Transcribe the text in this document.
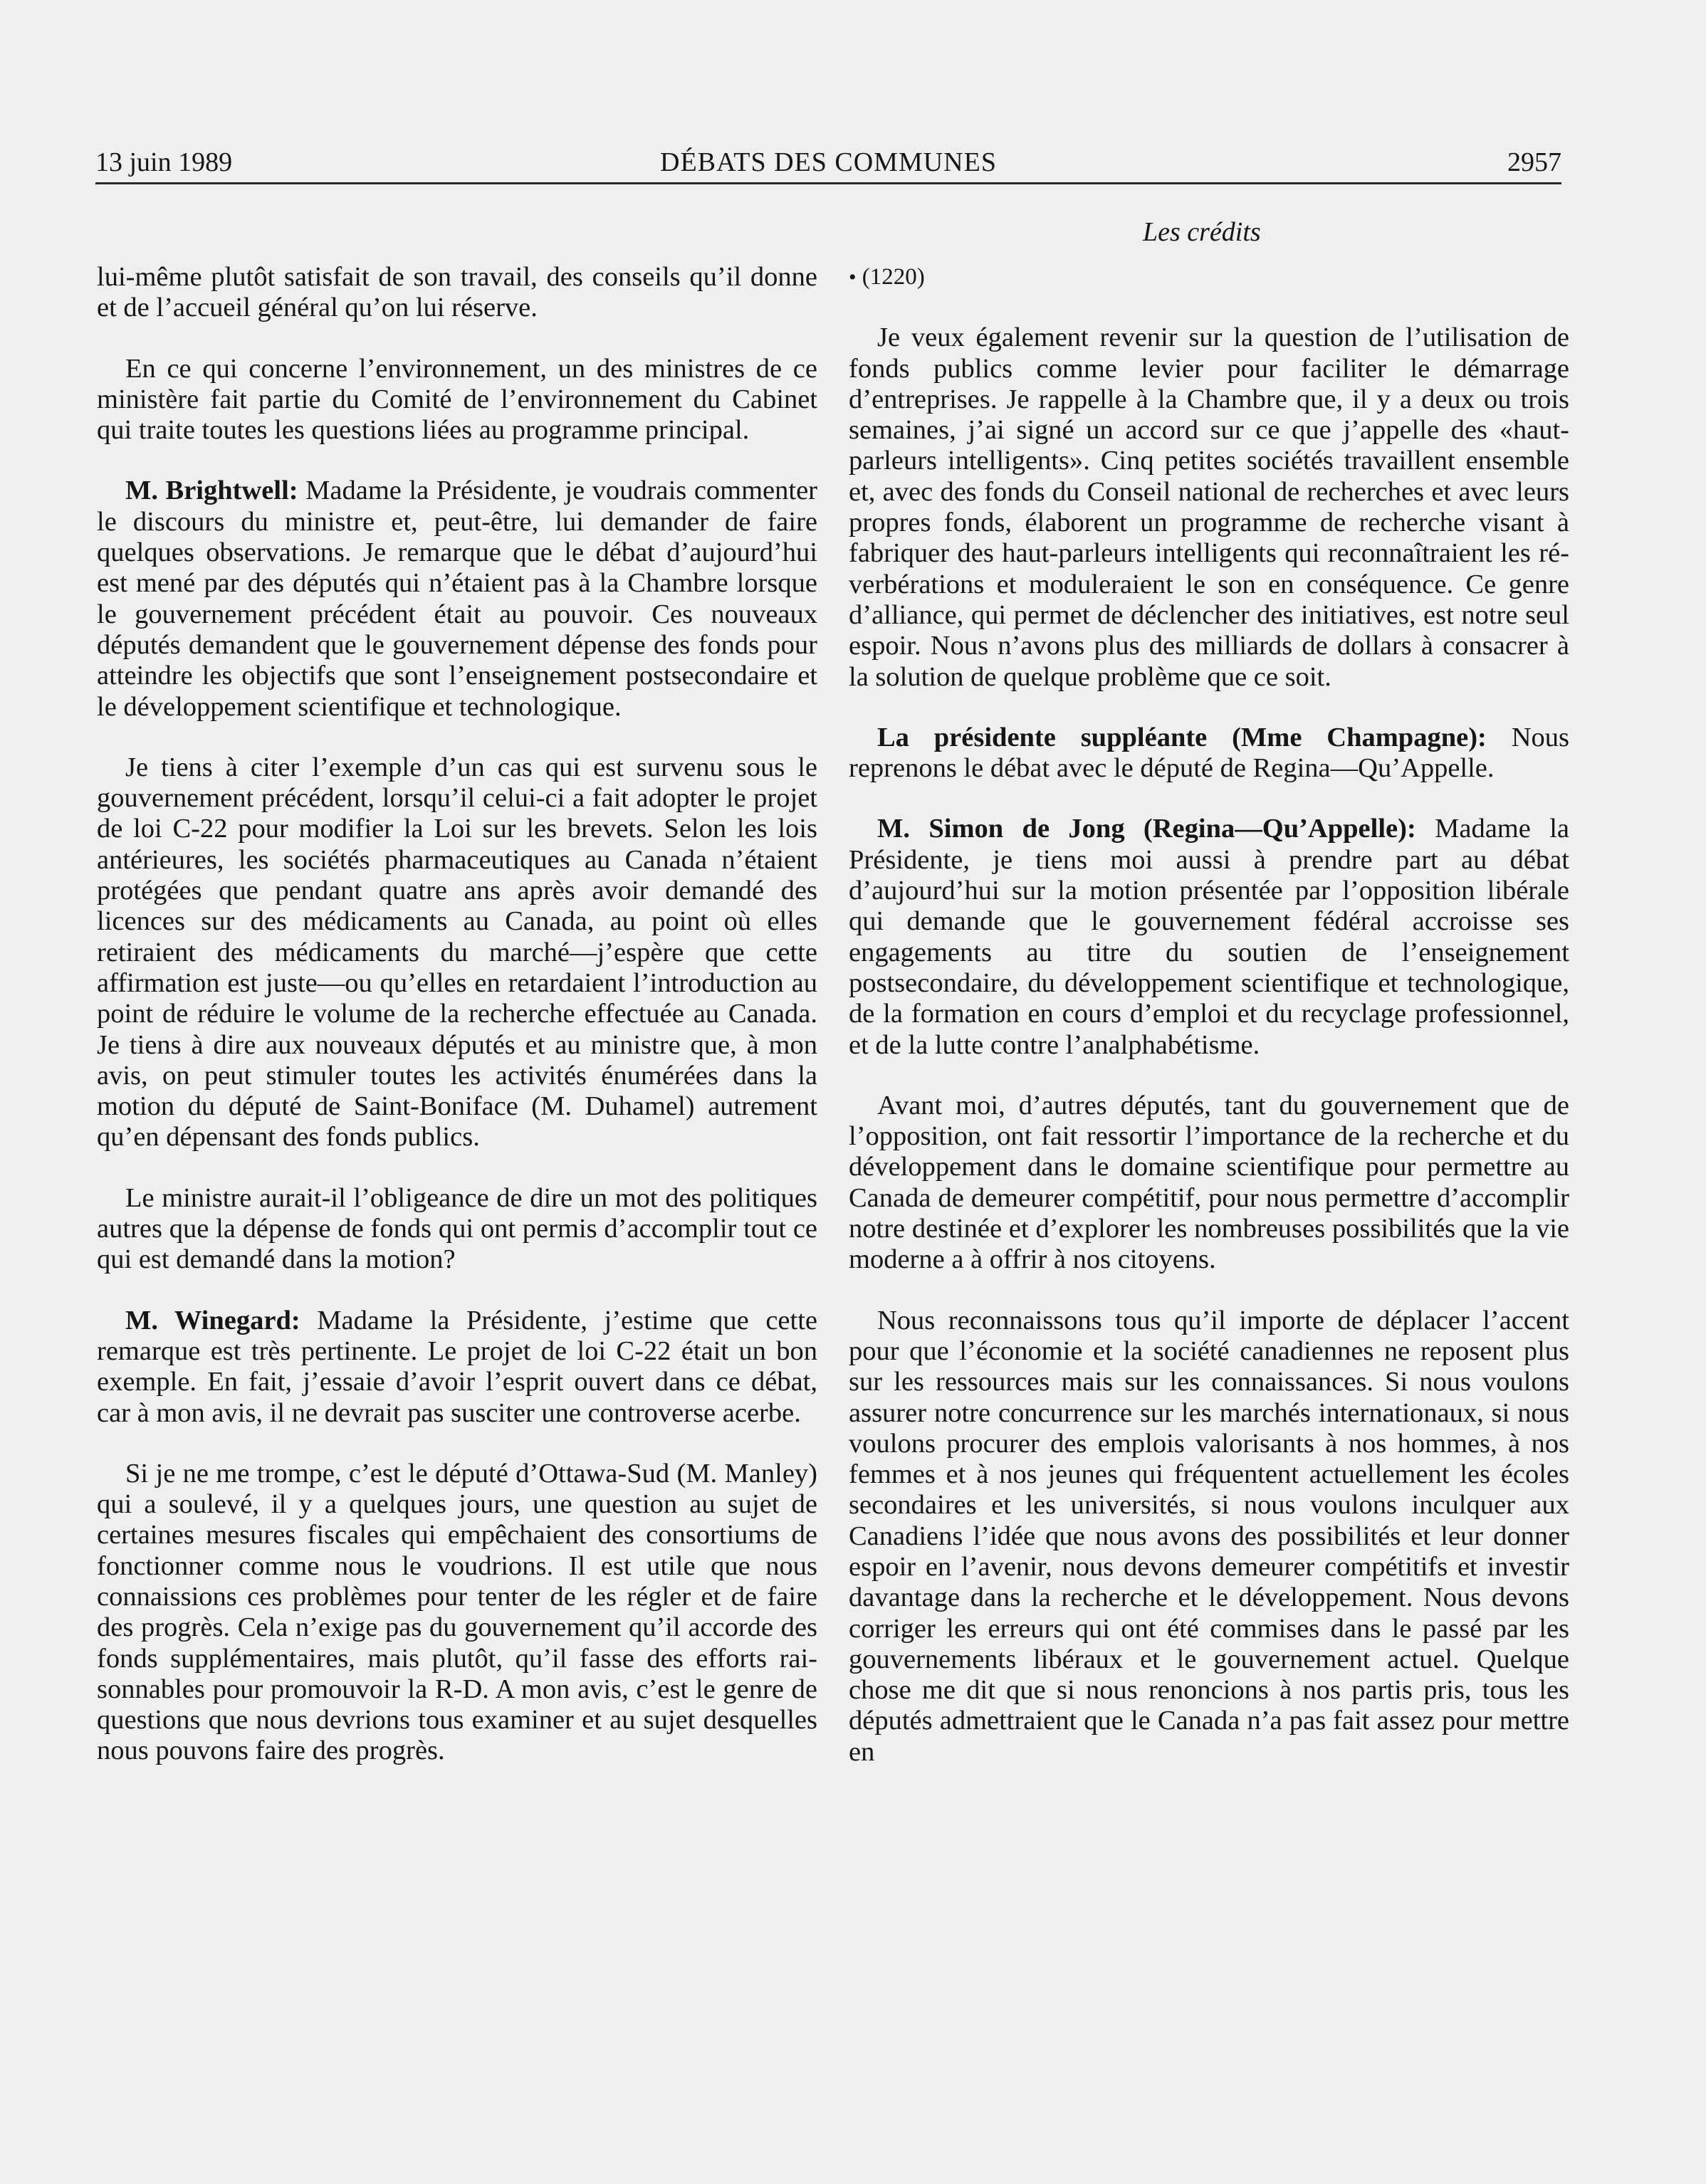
13 juin 1989	DÉBATS DES COMMUNES	2957
Les crédits

lui-même plutôt satisfait de son travail, des conseils qu’il donne et de l’accueil général qu’on lui réserve.

En ce qui concerne l’environnement, un des ministres de ce ministère fait partie du Comité de l’environnement du Cabinet qui traite toutes les questions liées au programme principal.

M. Brightwell: Madame la Présidente, je voudrais commenter le discours du ministre et, peut-être, lui demander de faire quelques observations. Je remarque que le débat d’aujourd’hui est mené par des députés qui n’étaient pas à la Chambre lorsque le gouvernement précédent était au pouvoir. Ces nouveaux députés demandent que le gouvernement dépense des fonds pour atteindre les objectifs que sont l’enseignement postsecondaire et le développement scientifique et technologique.

Je tiens à citer l’exemple d’un cas qui est survenu sous le gouvernement précédent, lorsqu’il celui-ci a fait adopter le projet de loi C-22 pour modifier la Loi sur les brevets. Selon les lois antérieures, les sociétés pharmaceutiques au Canada n’étaient protégées que pendant quatre ans après avoir demandé des licences sur des médicaments au Canada, au point où elles retiraient des médicaments du marché—j’espère que cette affirmation est juste—ou qu’elles en retardaient l’introduction au point de réduire le volume de la recherche effectuée au Canada. Je tiens à dire aux nouveaux députés et au ministre que, à mon avis, on peut stimuler toutes les activités énumérées dans la motion du député de Saint-Boniface (M. Duhamel) autrement qu’en dépensant des fonds publics.

Le ministre aurait-il l’obligeance de dire un mot des politiques autres que la dépense de fonds qui ont permis d’accomplir tout ce qui est demandé dans la motion?

M. Winegard: Madame la Présidente, j’estime que cette remarque est très pertinente. Le projet de loi C-22 était un bon exemple. En fait, j’essaie d’avoir l’esprit ouvert dans ce débat, car à mon avis, il ne devrait pas susciter une controverse acerbe.

Si je ne me trompe, c’est le député d’Ottawa-Sud (M. Manley) qui a soulevé, il y a quelques jours, une question au sujet de certaines mesures fiscales qui empêchaient des consortiums de fonctionner comme nous le voudrions. Il est utile que nous connaissions ces problèmes pour tenter de les régler et de faire des progrès. Cela n’exige pas du gouvernement qu’il accorde des fonds supplémentaires, mais plutôt, qu’il fasse des efforts raisonnables pour promouvoir la R-D. A mon avis, c’est le genre de questions que nous devrions tous examiner et au sujet desquelles nous pouvons faire des progrès.

• (1220)

Je veux également revenir sur la question de l’utilisation de fonds publics comme levier pour faciliter le démarrage d’entreprises. Je rappelle à la Chambre que, il y a deux ou trois semaines, j’ai signé un accord sur ce que j’appelle des «haut-parleurs intelligents». Cinq petites sociétés travaillent ensemble et, avec des fonds du Conseil national de recherches et avec leurs propres fonds, élaborent un programme de recherche visant à fabriquer des haut-parleurs intelligents qui reconnaîtraient les réverbérations et moduleraient le son en conséquence. Ce genre d’alliance, qui permet de déclencher des initiatives, est notre seul espoir. Nous n’avons plus des milliards de dollars à consacrer à la solution de quelque problème que ce soit.

La présidente suppléante (Mme Champagne): Nous reprenons le débat avec le député de Regina—Qu’Appelle.

M. Simon de Jong (Regina—Qu’Appelle): Madame la Présidente, je tiens moi aussi à prendre part au débat d’aujourd’hui sur la motion présentée par l’opposition libérale qui demande que le gouvernement fédéral accroisse ses engagements au titre du soutien de l’enseignement postsecondaire, du développement scientifique et technologique, de la formation en cours d’emploi et du recyclage professionnel, et de la lutte contre l’analphabétisme.

Avant moi, d’autres députés, tant du gouvernement que de l’opposition, ont fait ressortir l’importance de la recherche et du développement dans le domaine scientifique pour permettre au Canada de demeurer compétitif, pour nous permettre d’accomplir notre destinée et d’explorer les nombreuses possibilités que la vie moderne a à offrir à nos citoyens.

Nous reconnaissons tous qu’il importe de déplacer l’accent pour que l’économie et la société canadiennes ne reposent plus sur les ressources mais sur les connaissances. Si nous voulons assurer notre concurrence sur les marchés internationaux, si nous voulons procurer des emplois valorisants à nos hommes, à nos femmes et à nos jeunes qui fréquentent actuellement les écoles secondaires et les universités, si nous voulons inculquer aux Canadiens l’idée que nous avons des possibilités et leur donner espoir en l’avenir, nous devons demeurer compétitifs et investir davantage dans la recherche et le développement. Nous devons corriger les erreurs qui ont été commises dans le passé par les gouvernements libéraux et le gouvernement actuel. Quelque chose me dit que si nous renoncions à nos partis pris, tous les députés admettraient que le Canada n’a pas fait assez pour mettre en
